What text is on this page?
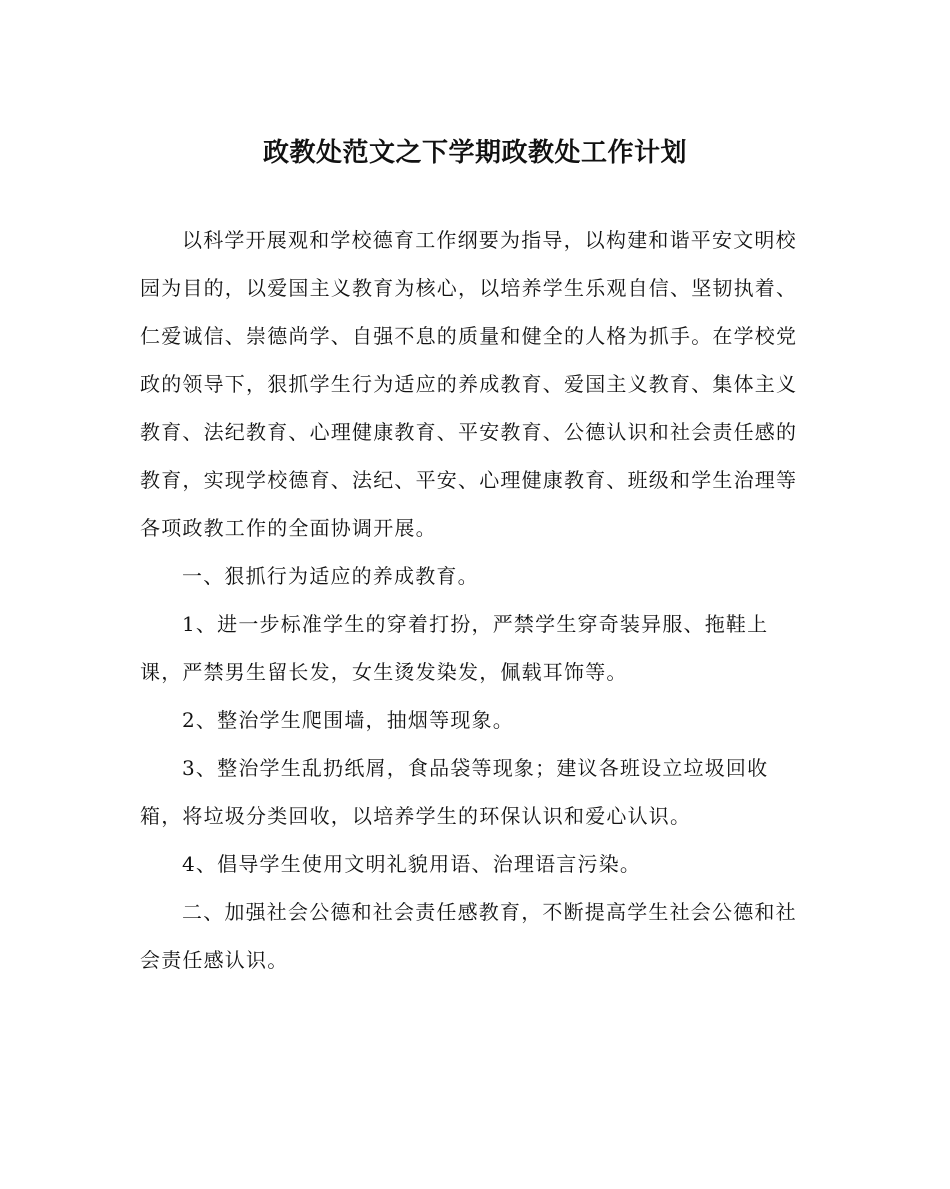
政教处范文之下学期政教处工作计划

以科学开展观和学校德育工作纲要为指导，以构建和谐平安文明校园为目的，以爱国主义教育为核心，以培养学生乐观自信、坚韧执着、仁爱诚信、崇德尚学、自强不息的质量和健全的人格为抓手。在学校党政的领导下，狠抓学生行为适应的养成教育、爱国主义教育、集体主义教育、法纪教育、心理健康教育、平安教育、公德认识和社会责任感的教育，实现学校德育、法纪、平安、心理健康教育、班级和学生治理等各项政教工作的全面协调开展。

一、狠抓行为适应的养成教育。

1、进一步标准学生的穿着打扮，严禁学生穿奇装异服、拖鞋上课，严禁男生留长发，女生烫发染发，佩载耳饰等。

2、整治学生爬围墙，抽烟等现象。

3、整治学生乱扔纸屑，食品袋等现象；建议各班设立垃圾回收箱，将垃圾分类回收，以培养学生的环保认识和爱心认识。

4、倡导学生使用文明礼貌用语、治理语言污染。

二、加强社会公德和社会责任感教育，不断提高学生社会公德和社会责任感认识。
